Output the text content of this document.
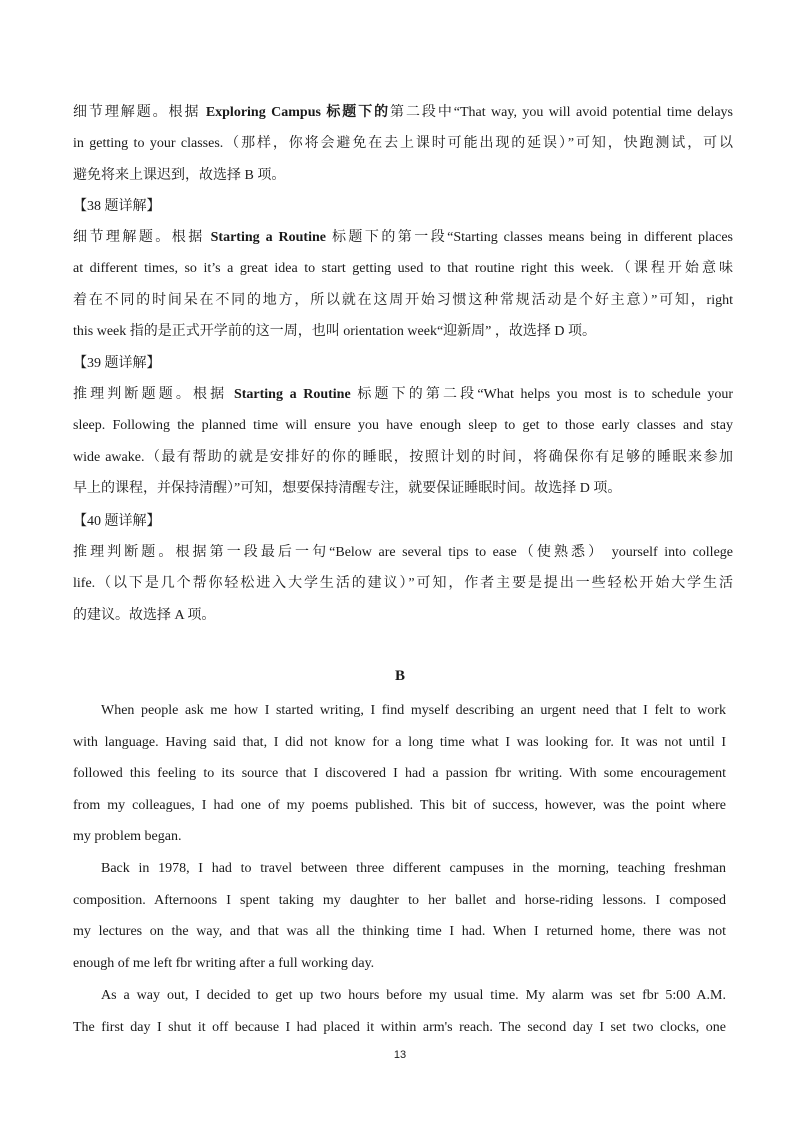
细节理解题。根据 Exploring Campus 标题下的第二段中“That way, you will avoid potential time delays
in getting to your classes.（那样，你将会避免在去上课时可能出现的延误）”可知，快跑测试，可以
避免将来上课迟到，故选择 B 项。
【38 题详解】
细节理解题。根据 Starting a Routine 标题下的第一段“Starting classes means being in different places
at different times, so it’s a great idea to start getting used to that routine right this week.（课程开始意味
着在不同的时间呆在不同的地方，所以就在这周开始习惯这种常规活动是个好主意）”可知，right
this week 指的是正式开学前的这一周，也叫 orientation week“迎新周” ，故选择 D 项。
【39 题详解】
推理判断题题。根据 Starting a Routine 标题下的第二段“What helps you most is to schedule your
sleep. Following the planned time will ensure you have enough sleep to get to those early classes and stay
wide awake.（最有帮助的就是安排好的你的睡眠，按照计划的时间，将确保你有足够的睡眠来参加
早上的课程，并保持清醒）”可知，想要保持清醒专注，就要保证睡眠时间。故选择 D 项。
【40 题详解】
推理判断题。根据第一段最后一句“Below are several tips to ease（使熟悉） yourself into college
life.（以下是几个帮你轻松进入大学生活的建议）”可知，作者主要是提出一些轻松开始大学生活
的建议。故选择 A 项。
B
When people ask me how I started writing, I find myself describing an urgent need that I felt to work
with language. Having said that, I did not know for a long time what I was looking for. It was not until I
followed this feeling to its source that I discovered I had a passion fbr writing. With some encouragement
from my colleagues, I had one of my poems published. This bit of success, however, was the point where
my problem began.
Back in 1978, I had to travel between three different campuses in the morning, teaching freshman
composition. Afternoons I spent taking my daughter to her ballet and horse-riding lessons. I composed
my lectures on the way, and that was all the thinking time I had. When I returned home, there was not
enough of me left fbr writing after a full working day.
As a way out, I decided to get up two hours before my usual time. My alarm was set fbr 5:00 A.M.
The first day I shut it off because I had placed it within arm's reach. The second day I set two clocks, one
13
